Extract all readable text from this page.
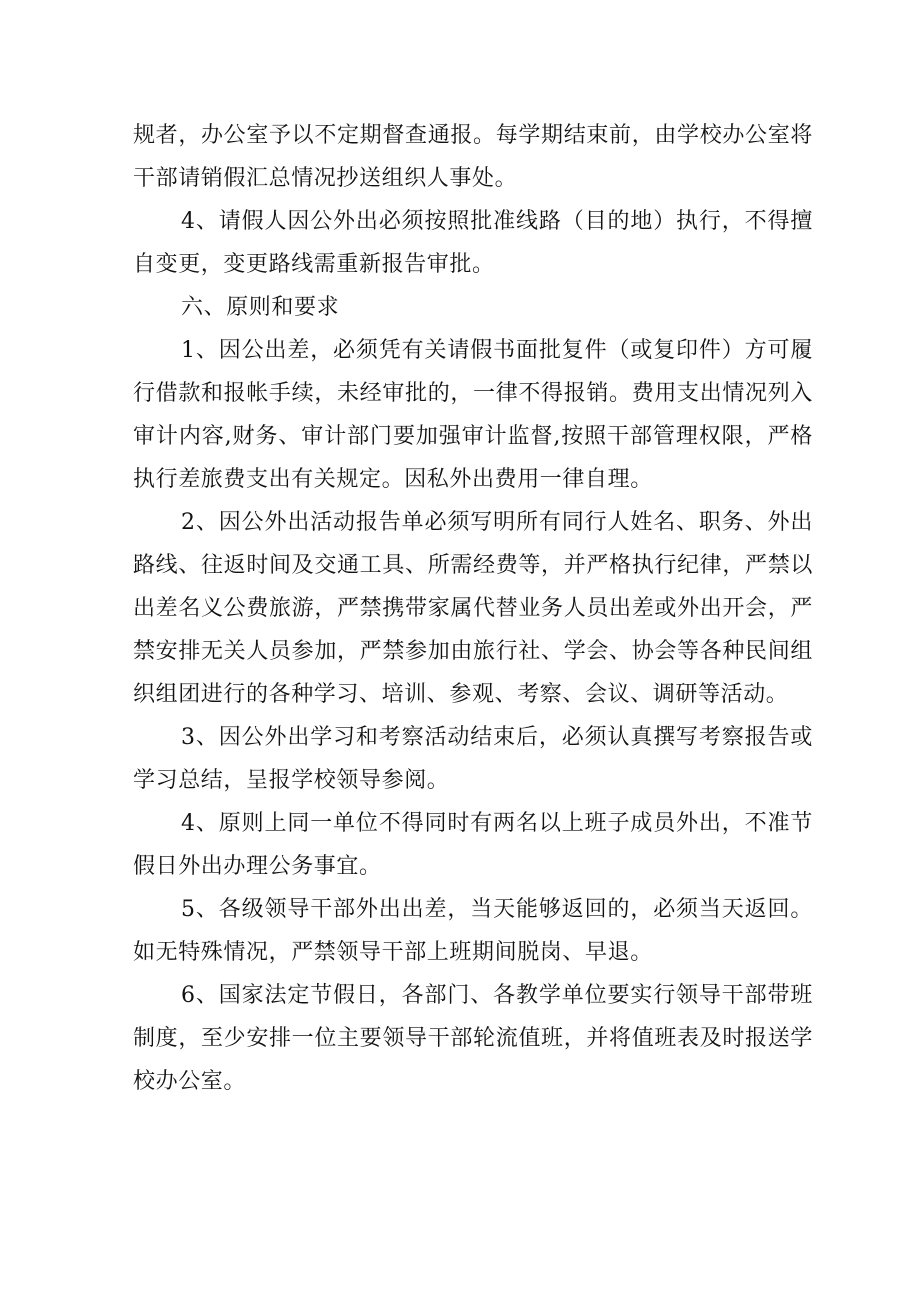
规者，办公室予以不定期督查通报。每学期结束前，由学校办公室将干部请销假汇总情况抄送组织人事处。

4、请假人因公外出必须按照批准线路（目的地）执行，不得擅自变更，变更路线需重新报告审批。

六、原则和要求

1、因公出差，必须凭有关请假书面批复件（或复印件）方可履行借款和报帐手续，未经审批的，一律不得报销。费用支出情况列入审计内容,财务、审计部门要加强审计监督,按照干部管理权限，严格执行差旅费支出有关规定。因私外出费用一律自理。

2、因公外出活动报告单必须写明所有同行人姓名、职务、外出路线、往返时间及交通工具、所需经费等，并严格执行纪律，严禁以出差名义公费旅游，严禁携带家属代替业务人员出差或外出开会，严禁安排无关人员参加，严禁参加由旅行社、学会、协会等各种民间组织组团进行的各种学习、培训、参观、考察、会议、调研等活动。

3、因公外出学习和考察活动结束后，必须认真撰写考察报告或学习总结，呈报学校领导参阅。

4、原则上同一单位不得同时有两名以上班子成员外出，不准节假日外出办理公务事宜。

5、各级领导干部外出出差，当天能够返回的，必须当天返回。如无特殊情况，严禁领导干部上班期间脱岗、早退。

6、国家法定节假日，各部门、各教学单位要实行领导干部带班制度，至少安排一位主要领导干部轮流值班，并将值班表及时报送学校办公室。
